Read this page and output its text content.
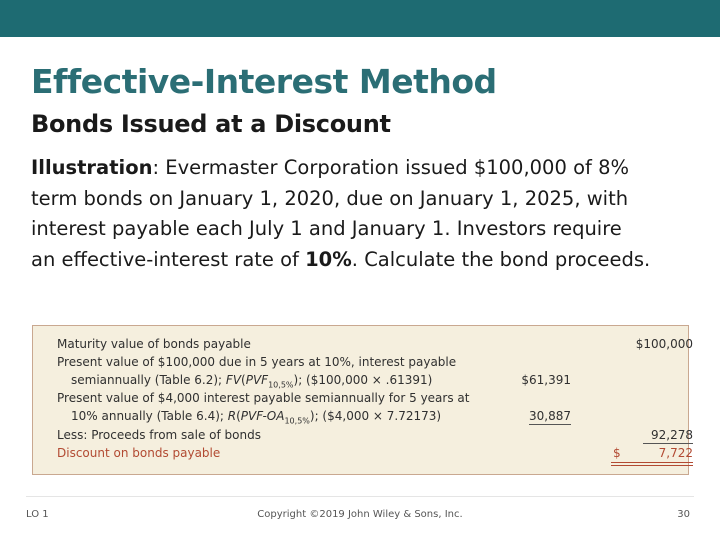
Effective-Interest Method
Bonds Issued at a Discount
Illustration: Evermaster Corporation issued $100,000 of 8%
term bonds on January 1, 2020, due on January 1, 2025, with
interest payable each July 1 and January 1. Investors require
an effective-interest rate of 10%. Calculate the bond proceeds.
Maturity value of bonds payable	$100,000
Present value of $100,000 due in 5 years at 10%, interest payable
semiannually (Table 6.2); $FV(PVF_{10,5\%})$; ($100,000 × .61391)	$61,391
Present value of $4,000 interest payable semiannually for 5 years at
10% annually (Table 6.4); $R(PVF-OA_{10,5\%})$; ($4,000 × 7.72173)	30,887
Less: Proceeds from sale of bonds	92,278
Discount on bonds payable	$	7,722
LO 1	Copyright ©2019 John Wiley & Sons, Inc.	30
